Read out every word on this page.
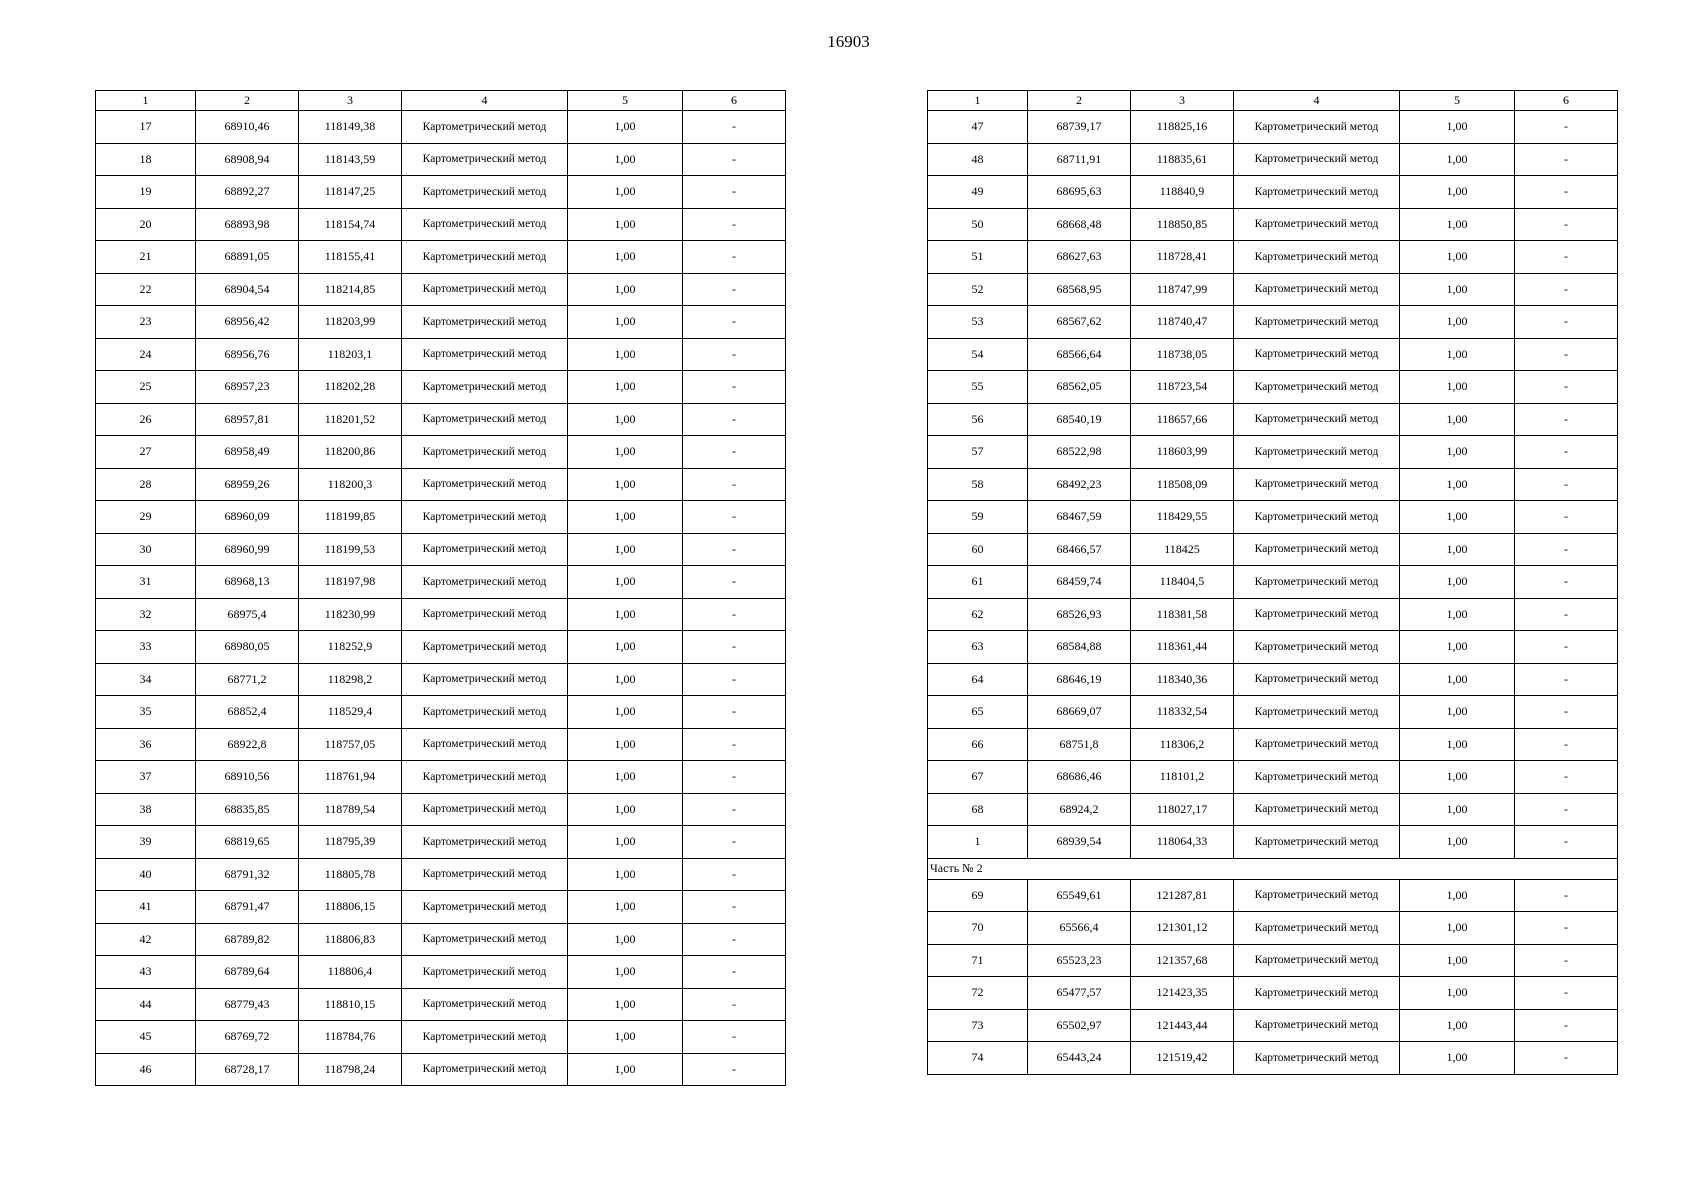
16903
1	2	3	4	5	6
17	68910,46	118149,38	Картометрический метод	1,00	-
18	68908,94	118143,59	Картометрический метод	1,00	-
19	68892,27	118147,25	Картометрический метод	1,00	-
20	68893,98	118154,74	Картометрический метод	1,00	-
21	68891,05	118155,41	Картометрический метод	1,00	-
22	68904,54	118214,85	Картометрический метод	1,00	-
23	68956,42	118203,99	Картометрический метод	1,00	-
24	68956,76	118203,1	Картометрический метод	1,00	-
25	68957,23	118202,28	Картометрический метод	1,00	-
26	68957,81	118201,52	Картометрический метод	1,00	-
27	68958,49	118200,86	Картометрический метод	1,00	-
28	68959,26	118200,3	Картометрический метод	1,00	-
29	68960,09	118199,85	Картометрический метод	1,00	-
30	68960,99	118199,53	Картометрический метод	1,00	-
31	68968,13	118197,98	Картометрический метод	1,00	-
32	68975,4	118230,99	Картометрический метод	1,00	-
33	68980,05	118252,9	Картометрический метод	1,00	-
34	68771,2	118298,2	Картометрический метод	1,00	-
35	68852,4	118529,4	Картометрический метод	1,00	-
36	68922,8	118757,05	Картометрический метод	1,00	-
37	68910,56	118761,94	Картометрический метод	1,00	-
38	68835,85	118789,54	Картометрический метод	1,00	-
39	68819,65	118795,39	Картометрический метод	1,00	-
40	68791,32	118805,78	Картометрический метод	1,00	-
41	68791,47	118806,15	Картометрический метод	1,00	-
42	68789,82	118806,83	Картометрический метод	1,00	-
43	68789,64	118806,4	Картометрический метод	1,00	-
44	68779,43	118810,15	Картометрический метод	1,00	-
45	68769,72	118784,76	Картометрический метод	1,00	-
46	68728,17	118798,24	Картометрический метод	1,00	-
1	2	3	4	5	6
47	68739,17	118825,16	Картометрический метод	1,00	-
48	68711,91	118835,61	Картометрический метод	1,00	-
49	68695,63	118840,9	Картометрический метод	1,00	-
50	68668,48	118850,85	Картометрический метод	1,00	-
51	68627,63	118728,41	Картометрический метод	1,00	-
52	68568,95	118747,99	Картометрический метод	1,00	-
53	68567,62	118740,47	Картометрический метод	1,00	-
54	68566,64	118738,05	Картометрический метод	1,00	-
55	68562,05	118723,54	Картометрический метод	1,00	-
56	68540,19	118657,66	Картометрический метод	1,00	-
57	68522,98	118603,99	Картометрический метод	1,00	-
58	68492,23	118508,09	Картометрический метод	1,00	-
59	68467,59	118429,55	Картометрический метод	1,00	-
60	68466,57	118425	Картометрический метод	1,00	-
61	68459,74	118404,5	Картометрический метод	1,00	-
62	68526,93	118381,58	Картометрический метод	1,00	-
63	68584,88	118361,44	Картометрический метод	1,00	-
64	68646,19	118340,36	Картометрический метод	1,00	-
65	68669,07	118332,54	Картометрический метод	1,00	-
66	68751,8	118306,2	Картометрический метод	1,00	-
67	68686,46	118101,2	Картометрический метод	1,00	-
68	68924,2	118027,17	Картометрический метод	1,00	-
1	68939,54	118064,33	Картометрический метод	1,00	-
Часть № 2					
69	65549,61	121287,81	Картометрический метод	1,00	-
70	65566,4	121301,12	Картометрический метод	1,00	-
71	65523,23	121357,68	Картометрический метод	1,00	-
72	65477,57	121423,35	Картометрический метод	1,00	-
73	65502,97	121443,44	Картометрический метод	1,00	-
74	65443,24	121519,42	Картометрический метод	1,00	-
